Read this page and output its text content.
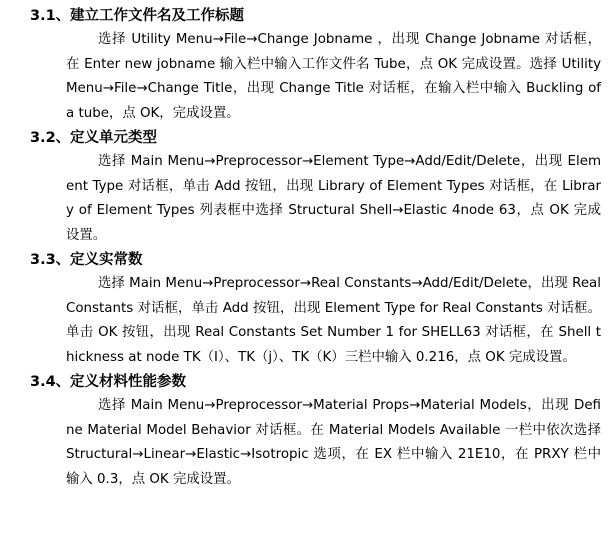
3.1、建立工作文件名及工作标题
选择 Utility Menu→File→Change Jobname ，出现 Change Jobname 对话框，在 Enter new jobname 输入栏中输入工作文件名 Tube，点 OK 完成设置。选择 Utility Menu→File→Change Title，出现 Change Title 对话框，在输入栏中输入 Buckling of a tube，点 OK，完成设置。
3.2、定义单元类型
选择 Main Menu→Preprocessor→Element Type→Add/Edit/Delete，出现 Element Type 对话框，单击 Add 按钮，出现 Library of Element Types 对话框，在 Library of Element Types 列表框中选择 Structural Shell→Elastic 4node 63，点 OK 完成设置。
3.3、定义实常数
选择 Main Menu→Preprocessor→Real Constants→Add/Edit/Delete，出现 Real Constants 对话框，单击 Add 按钮，出现 Element Type for Real Constants 对话框。单击 OK 按钮，出现 Real Constants Set Number 1 for SHELL63 对话框，在 Shell thickness at node TK（I）、TK（j）、TK（K）三栏中输入 0.216，点 OK 完成设置。
3.4、定义材料性能参数
选择 Main Menu→Preprocessor→Material Props→Material Models，出现 Define Material Model Behavior 对话框。在 Material Models Available 一栏中依次选择 Structural→Linear→Elastic→Isotropic 选项，在 EX 栏中输入 21E10，在 PRXY 栏中输入 0.3，点 OK 完成设置。
